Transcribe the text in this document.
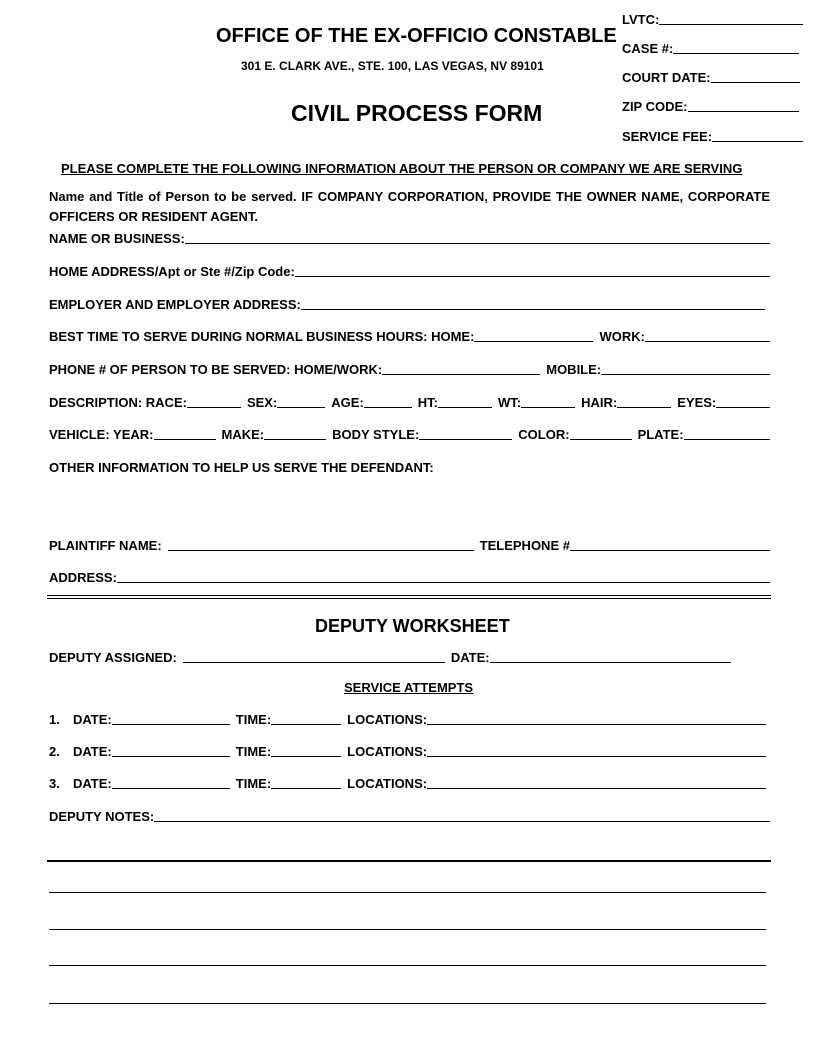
OFFICE OF THE EX-OFFICIO CONSTABLE
301 E. CLARK AVE., STE. 100, LAS VEGAS, NV 89101
CIVIL PROCESS FORM
LVTC:
CASE #:
COURT DATE:
ZIP CODE:
SERVICE FEE:
PLEASE COMPLETE THE FOLLOWING INFORMATION ABOUT THE PERSON OR COMPANY WE ARE SERVING
Name and Title of Person to be served. IF COMPANY CORPORATION, PROVIDE THE OWNER NAME, CORPORATE OFFICERS OR RESIDENT AGENT.
NAME OR BUSINESS:
HOME ADDRESS/Apt or Ste #/Zip Code:
EMPLOYER AND EMPLOYER ADDRESS:
BEST TIME TO SERVE DURING NORMAL BUSINESS HOURS: HOME:	WORK:
PHONE # OF PERSON TO BE SERVED: HOME/WORK:	MOBILE:
DESCRIPTION: RACE:	SEX:	AGE:	HT:	WT:	HAIR:	EYES:
VEHICLE: YEAR:	MAKE:	BODY STYLE:	COLOR:	PLATE:
OTHER INFORMATION TO HELP US SERVE THE DEFENDANT:
PLAINTIFF NAME:	TELEPHONE #
ADDRESS:
DEPUTY WORKSHEET
DEPUTY ASSIGNED:	DATE:
SERVICE ATTEMPTS
1.	DATE:	TIME:	LOCATIONS:
2.	DATE:	TIME:	LOCATIONS:
3.	DATE:	TIME:	LOCATIONS:
DEPUTY NOTES:
